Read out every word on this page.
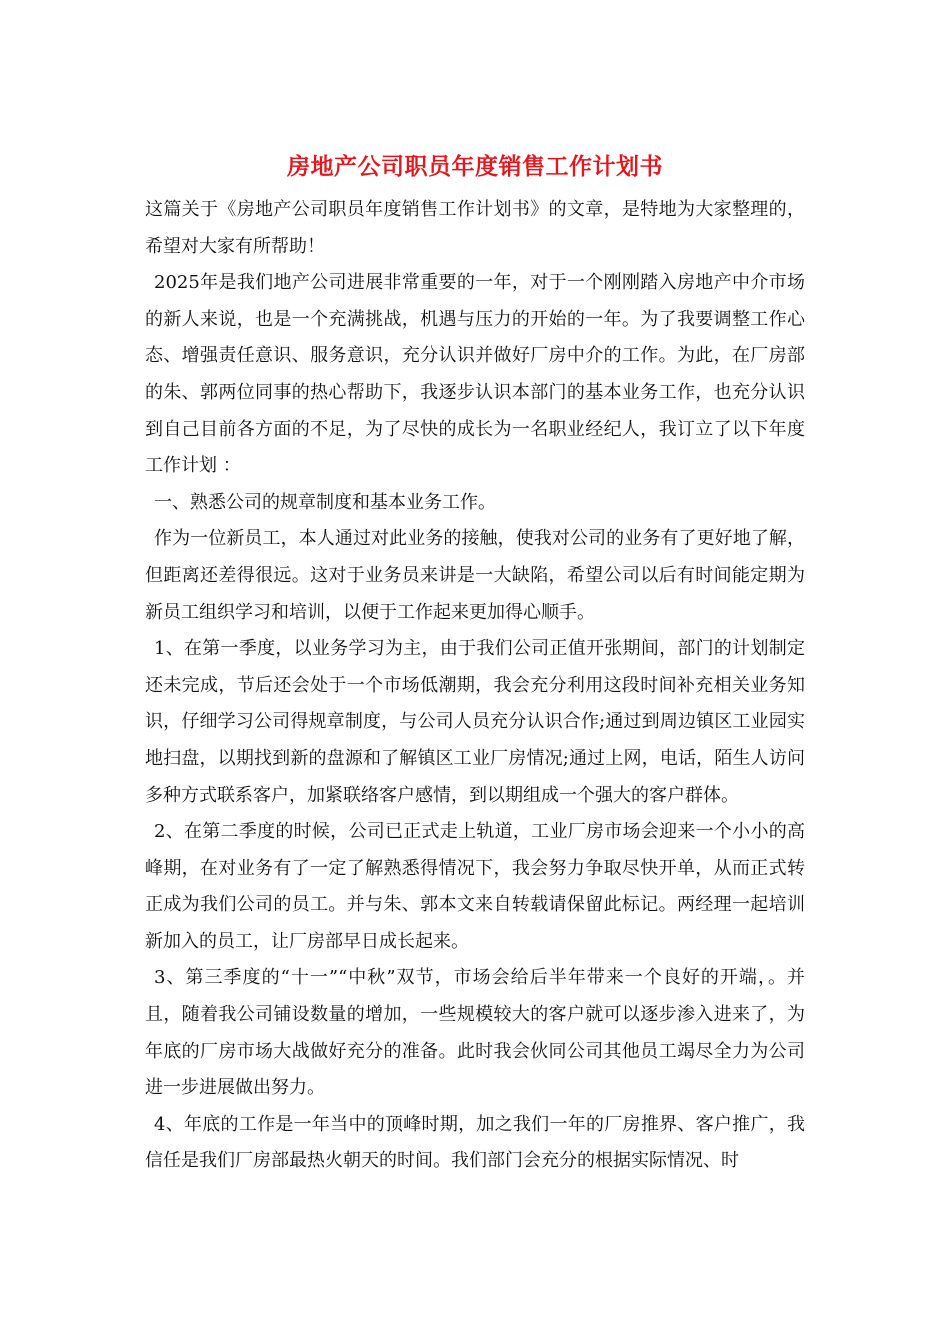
房地产公司职员年度销售工作计划书

这篇关于《房地产公司职员年度销售工作计划书》的文章，是特地为大家整理的，希望对大家有所帮助！

2025年是我们地产公司进展非常重要的一年，对于一个刚刚踏入房地产中介市场的新人来说，也是一个充满挑战，机遇与压力的开始的一年。为了我要调整工作心态、增强责任意识、服务意识，充分认识并做好厂房中介的工作。为此，在厂房部的朱、郭两位同事的热心帮助下，我逐步认识本部门的基本业务工作，也充分认识到自己目前各方面的不足，为了尽快的成长为一名职业经纪人，我订立了以下年度工作计划 ：

一、熟悉公司的规章制度和基本业务工作。

作为一位新员工，本人通过对此业务的接触，使我对公司的业务有了更好地了解，但距离还差得很远。这对于业务员来讲是一大缺陷，希望公司以后有时间能定期为新员工组织学习和培训，以便于工作起来更加得心顺手。

1、在第一季度，以业务学习为主，由于我们公司正值开张期间，部门的计划制定还未完成，节后还会处于一个市场低潮期，我会充分利用这段时间补充相关业务知识，仔细学习公司得规章制度，与公司人员充分认识合作;通过到周边镇区工业园实地扫盘，以期找到新的盘源和了解镇区工业厂房情况;通过上网，电话，陌生人访问多种方式联系客户，加紧联络客户感情，到以期组成一个强大的客户群体。

2、在第二季度的时候，公司已正式走上轨道，工业厂房市场会迎来一个小小的高峰期，在对业务有了一定了解熟悉得情况下，我会努力争取尽快开单，从而正式转正成为我们公司的员工。并与朱、郭本文来自转载请保留此标记。两经理一起培训新加入的员工，让厂房部早日成长起来。

3、第三季度的“十一”“中秋”双节，市场会给后半年带来一个良好的开端，。并且，随着我公司铺设数量的增加，一些规模较大的客户就可以逐步渗入进来了，为年底的厂房市场大战做好充分的准备。此时我会伙同公司其他员工竭尽全力为公司进一步进展做出努力。

4、年底的工作是一年当中的顶峰时期，加之我们一年的厂房推界、客户推广，我信任是我们厂房部最热火朝天的时间。我们部门会充分的根据实际情况、时
